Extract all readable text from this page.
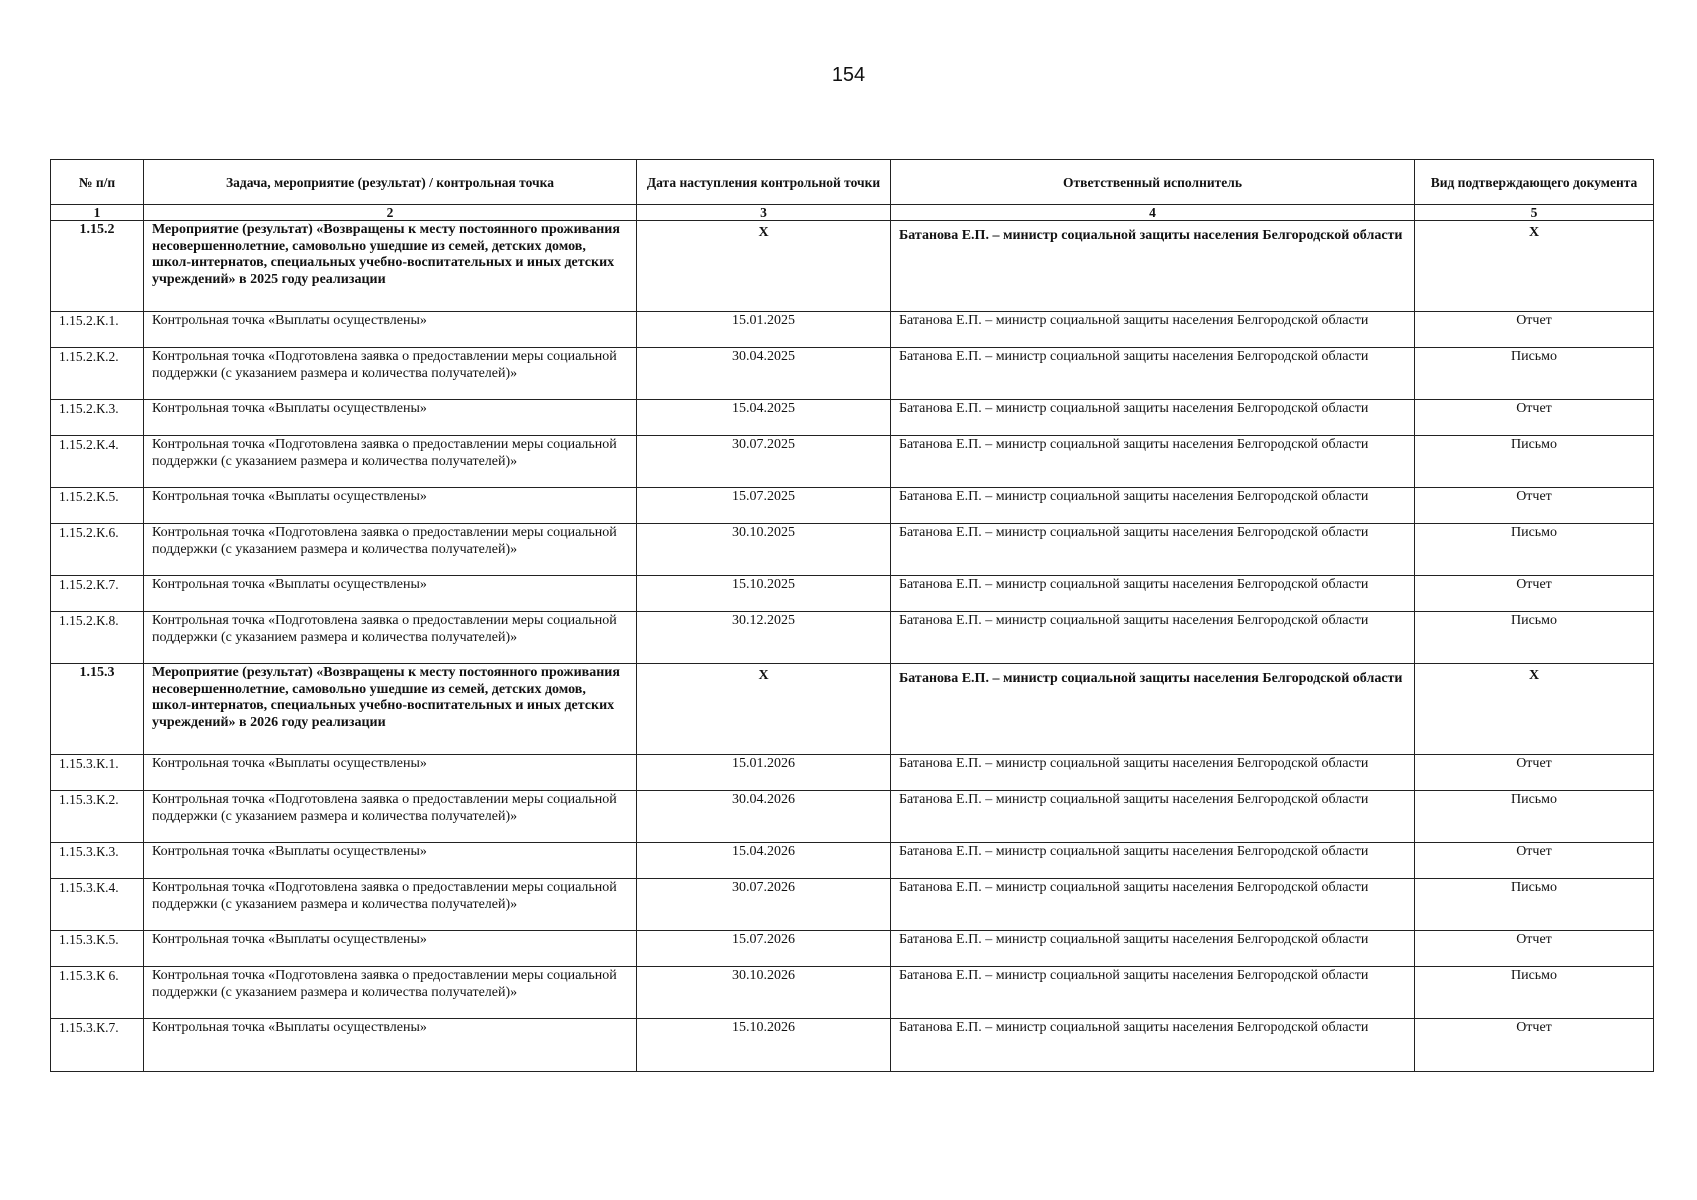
154
№ п/п	Задача, мероприятие (результат) / контрольная точка	Дата наступления контрольной точки	Ответственный исполнитель	Вид подтверждающего документа
1	2	3	4	5
1.15.2	Мероприятие (результат) «Возвращены к месту постоянного проживания несовершеннолетние, самовольно ушедшие из семей, детских домов, школ-интернатов, специальных учебно-воспитательных и иных детских учреждений» в 2025 году реализации	X	Батанова Е.П. – министр социальной защиты населения Белгородской области	X
1.15.2.К.1.	Контрольная точка «Выплаты осуществлены»	15.01.2025	Батанова Е.П. – министр социальной защиты населения Белгородской области	Отчет
1.15.2.К.2.	Контрольная точка «Подготовлена заявка о предоставлении меры социальной поддержки (с указанием размера и количества получателей)»	30.04.2025	Батанова Е.П. – министр социальной защиты населения Белгородской области	Письмо
1.15.2.К.3.	Контрольная точка «Выплаты осуществлены»	15.04.2025	Батанова Е.П. – министр социальной защиты населения Белгородской области	Отчет
1.15.2.К.4.	Контрольная точка «Подготовлена заявка о предоставлении меры социальной поддержки (с указанием размера и количества получателей)»	30.07.2025	Батанова Е.П. – министр социальной защиты населения Белгородской области	Письмо
1.15.2.К.5.	Контрольная точка «Выплаты осуществлены»	15.07.2025	Батанова Е.П. – министр социальной защиты населения Белгородской области	Отчет
1.15.2.К.6.	Контрольная точка «Подготовлена заявка о предоставлении меры социальной поддержки (с указанием размера и количества получателей)»	30.10.2025	Батанова Е.П. – министр социальной защиты населения Белгородской области	Письмо
1.15.2.К.7.	Контрольная точка «Выплаты осуществлены»	15.10.2025	Батанова Е.П. – министр социальной защиты населения Белгородской области	Отчет
1.15.2.К.8.	Контрольная точка «Подготовлена заявка о предоставлении меры социальной поддержки (с указанием размера и количества получателей)»	30.12.2025	Батанова Е.П. – министр социальной защиты населения Белгородской области	Письмо
1.15.3	Мероприятие (результат) «Возвращены к месту постоянного проживания несовершеннолетние, самовольно ушедшие из семей, детских домов, школ-интернатов, специальных учебно-воспитательных и иных детских учреждений» в 2026 году реализации	X	Батанова Е.П. – министр социальной защиты населения Белгородской области	X
1.15.3.К.1.	Контрольная точка «Выплаты осуществлены»	15.01.2026	Батанова Е.П. – министр социальной защиты населения Белгородской области	Отчет
1.15.3.К.2.	Контрольная точка «Подготовлена заявка о предоставлении меры социальной поддержки (с указанием размера и количества получателей)»	30.04.2026	Батанова Е.П. – министр социальной защиты населения Белгородской области	Письмо
1.15.3.К.3.	Контрольная точка «Выплаты осуществлены»	15.04.2026	Батанова Е.П. – министр социальной защиты населения Белгородской области	Отчет
1.15.3.К.4.	Контрольная точка «Подготовлена заявка о предоставлении меры социальной поддержки (с указанием размера и количества получателей)»	30.07.2026	Батанова Е.П. – министр социальной защиты населения Белгородской области	Письмо
1.15.3.К.5.	Контрольная точка «Выплаты осуществлены»	15.07.2026	Батанова Е.П. – министр социальной защиты населения Белгородской области	Отчет
1.15.3.К 6.	Контрольная точка «Подготовлена заявка о предоставлении меры социальной поддержки (с указанием размера и количества получателей)»	30.10.2026	Батанова Е.П. – министр социальной защиты населения Белгородской области	Письмо
1.15.3.К.7.	Контрольная точка «Выплаты осуществлены»	15.10.2026	Батанова Е.П. – министр социальной защиты населения Белгородской области	Отчет
